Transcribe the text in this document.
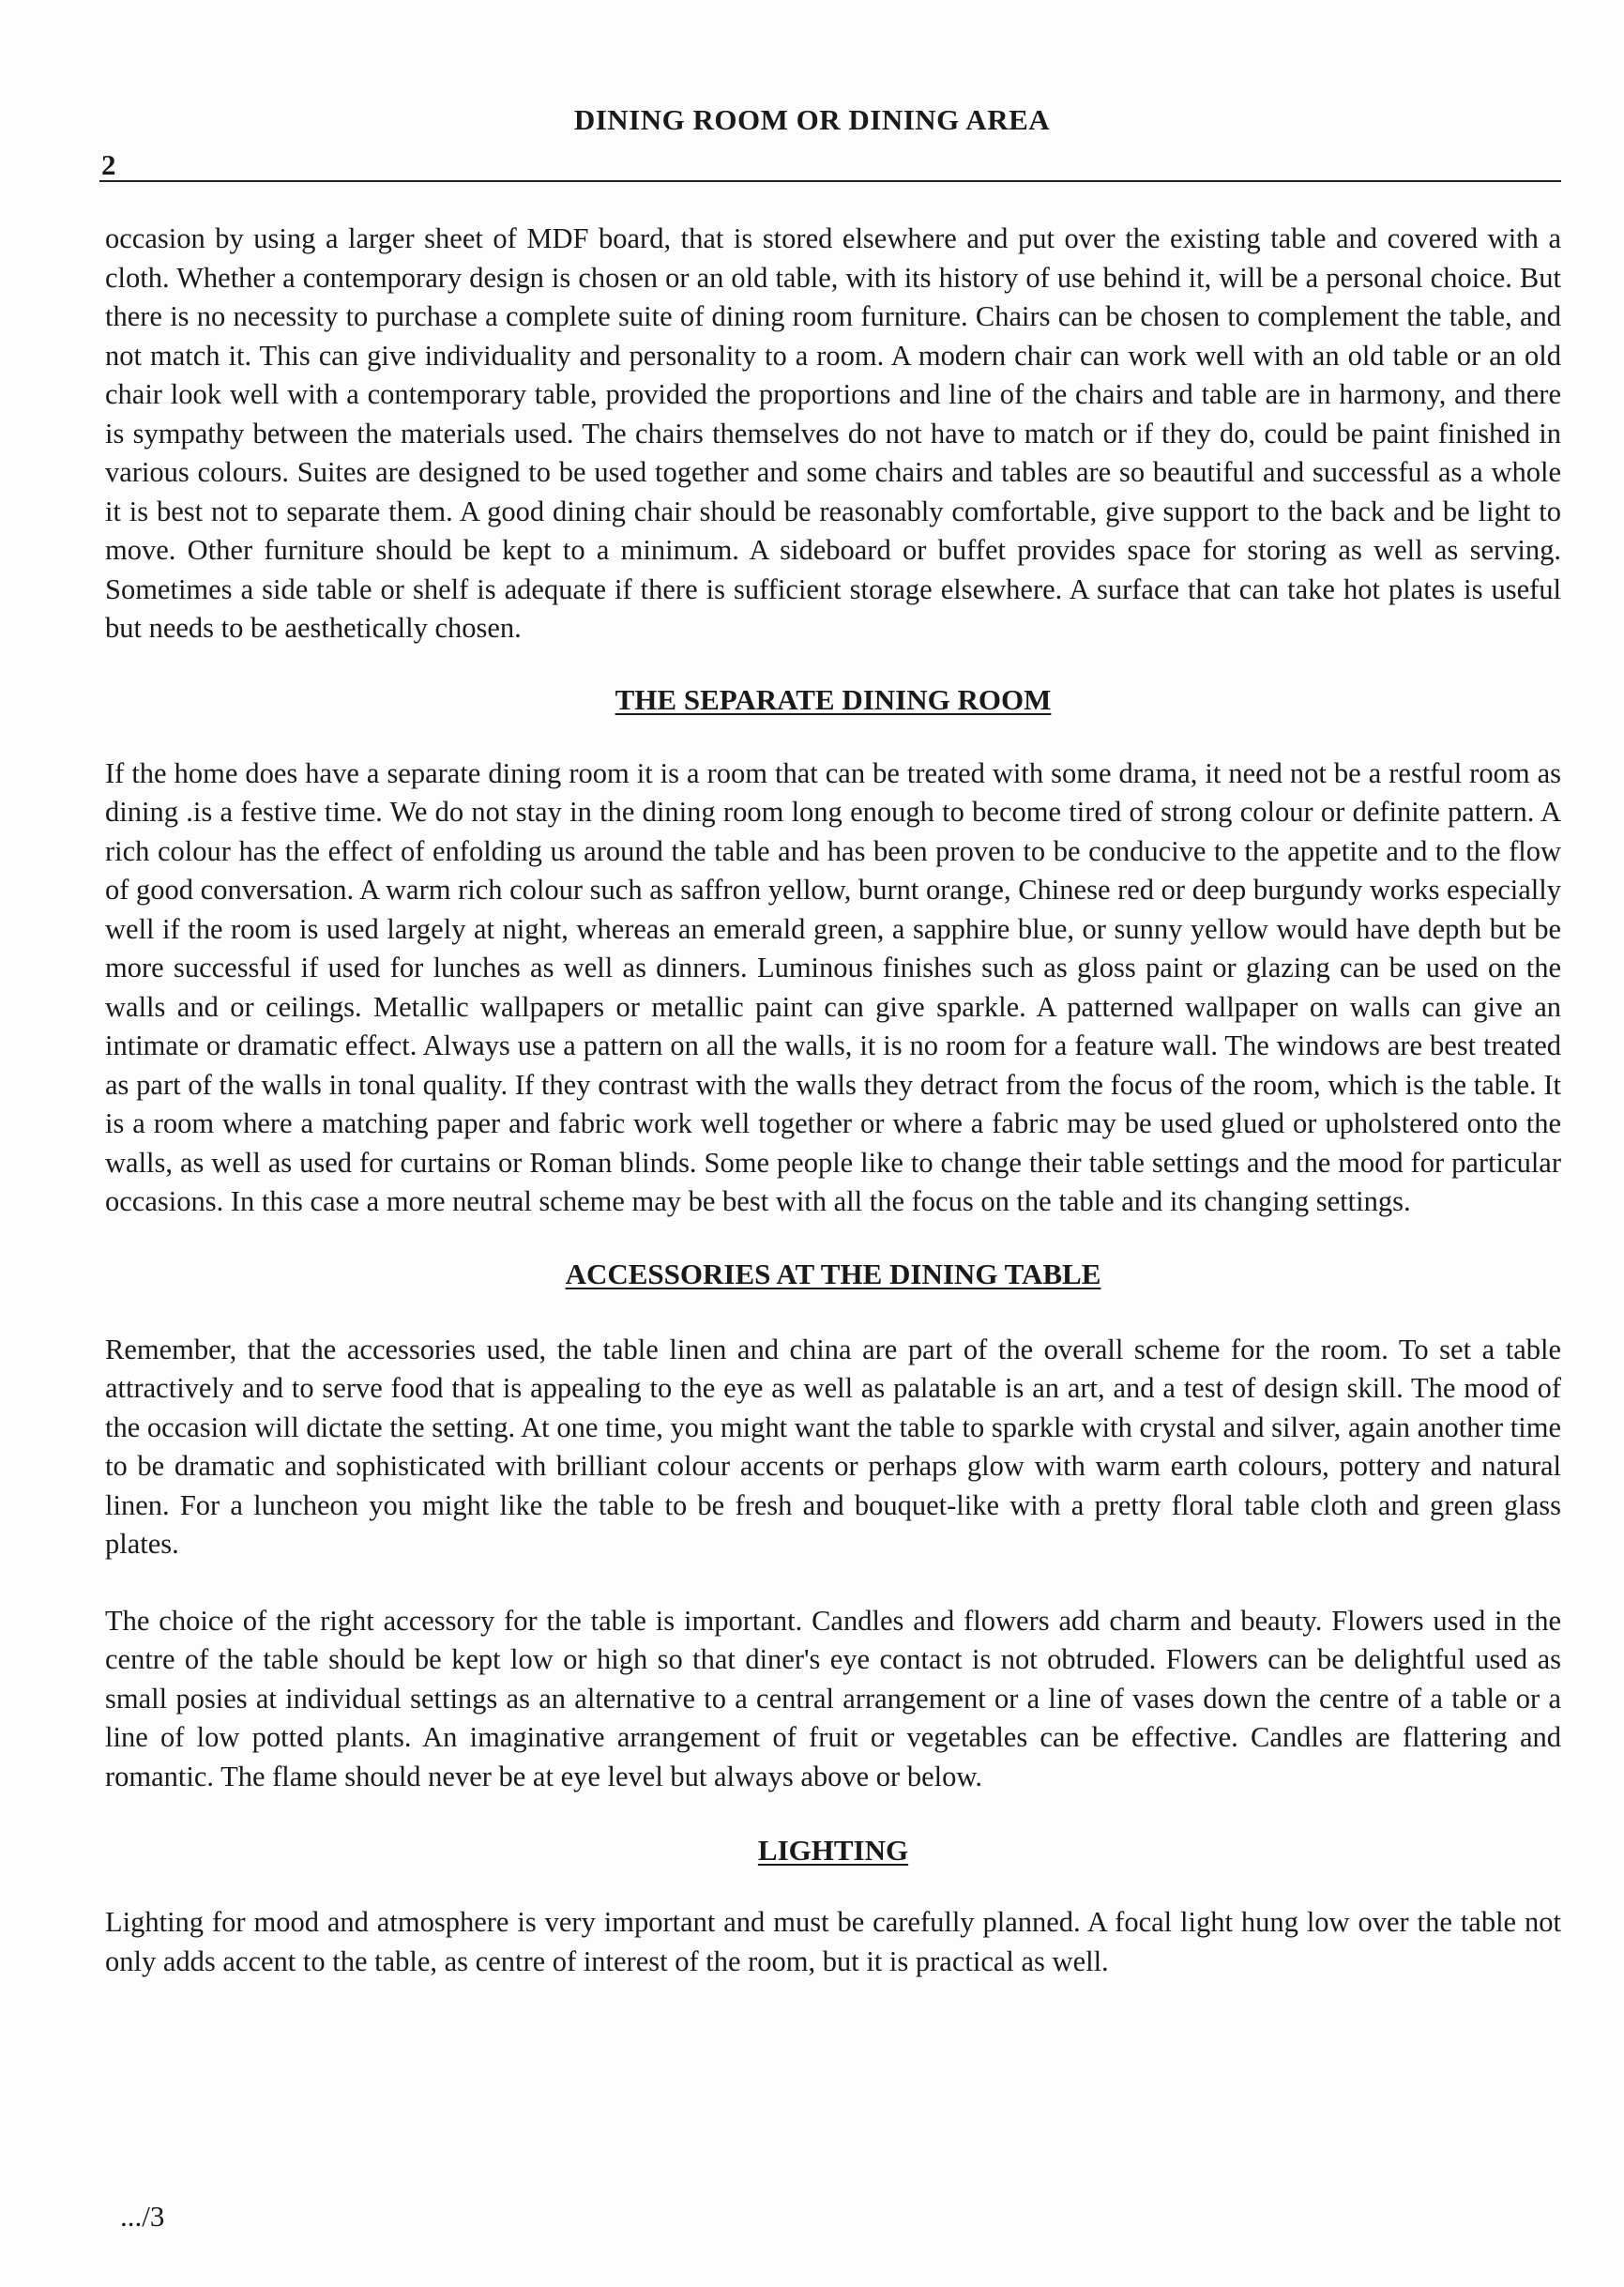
DINING ROOM OR DINING AREA
2

occasion by using a larger sheet of MDF board, that is stored elsewhere and put over the existing table and covered with a cloth. Whether a contemporary design is chosen or an old table, with its history of use behind it, will be a personal choice. But there is no necessity to purchase a complete suite of dining room furniture. Chairs can be chosen to complement the table, and not match it. This can give individuality and personality to a room. A modern chair can work well with an old table or an old chair look well with a contemporary table, provided the proportions and line of the chairs and table are in harmony, and there is sympathy between the materials used. The chairs themselves do not have to match or if they do, could be paint finished in various colours. Suites are designed to be used together and some chairs and tables are so beautiful and successful as a whole it is best not to separate them. A good dining chair should be reasonably comfortable, give support to the back and be light to move. Other furniture should be kept to a minimum. A sideboard or buffet provides space for storing as well as serving. Sometimes a side table or shelf is adequate if there is sufficient storage elsewhere. A surface that can take hot plates is useful but needs to be aesthetically chosen.

THE SEPARATE DINING ROOM

If the home does have a separate dining room it is a room that can be treated with some drama, it need not be a restful room as dining .is a festive time. We do not stay in the dining room long enough to become tired of strong colour or definite pattern. A rich colour has the effect of enfolding us around the table and has been proven to be conducive to the appetite and to the flow of good conversation. A warm rich colour such as saffron yellow, burnt orange, Chinese red or deep burgundy works especially well if the room is used largely at night, whereas an emerald green, a sapphire blue, or sunny yellow would have depth but be more successful if used for lunches as well as dinners. Luminous finishes such as gloss paint or glazing can be used on the walls and or ceilings. Metallic wallpapers or metallic paint can give sparkle. A patterned wallpaper on walls can give an intimate or dramatic effect. Always use a pattern on all the walls, it is no room for a feature wall. The windows are best treated as part of the walls in tonal quality. If they contrast with the walls they detract from the focus of the room, which is the table. It is a room where a matching paper and fabric work well together or where a fabric may be used glued or upholstered onto the walls, as well as used for curtains or Roman blinds. Some people like to change their table settings and the mood for particular occasions. In this case a more neutral scheme may be best with all the focus on the table and its changing settings.

ACCESSORIES AT THE DINING TABLE

Remember, that the accessories used, the table linen and china are part of the overall scheme for the room. To set a table attractively and to serve food that is appealing to the eye as well as palatable is an art, and a test of design skill. The mood of the occasion will dictate the setting. At one time, you might want the table to sparkle with crystal and silver, again another time to be dramatic and sophisticated with brilliant colour accents or perhaps glow with warm earth colours, pottery and natural linen. For a luncheon you might like the table to be fresh and bouquet-like with a pretty floral table cloth and green glass plates.

The choice of the right accessory for the table is important. Candles and flowers add charm and beauty. Flowers used in the centre of the table should be kept low or high so that diner's eye contact is not obtruded. Flowers can be delightful used as small posies at individual settings as an alternative to a central arrangement or a line of vases down the centre of a table or a line of low potted plants. An imaginative arrangement of fruit or vegetables can be effective. Candles are flattering and romantic. The flame should never be at eye level but always above or below.

LIGHTING

Lighting for mood and atmosphere is very important and must be carefully planned. A focal light hung low over the table not only adds accent to the table, as centre of interest of the room, but it is practical as well.

.../3
